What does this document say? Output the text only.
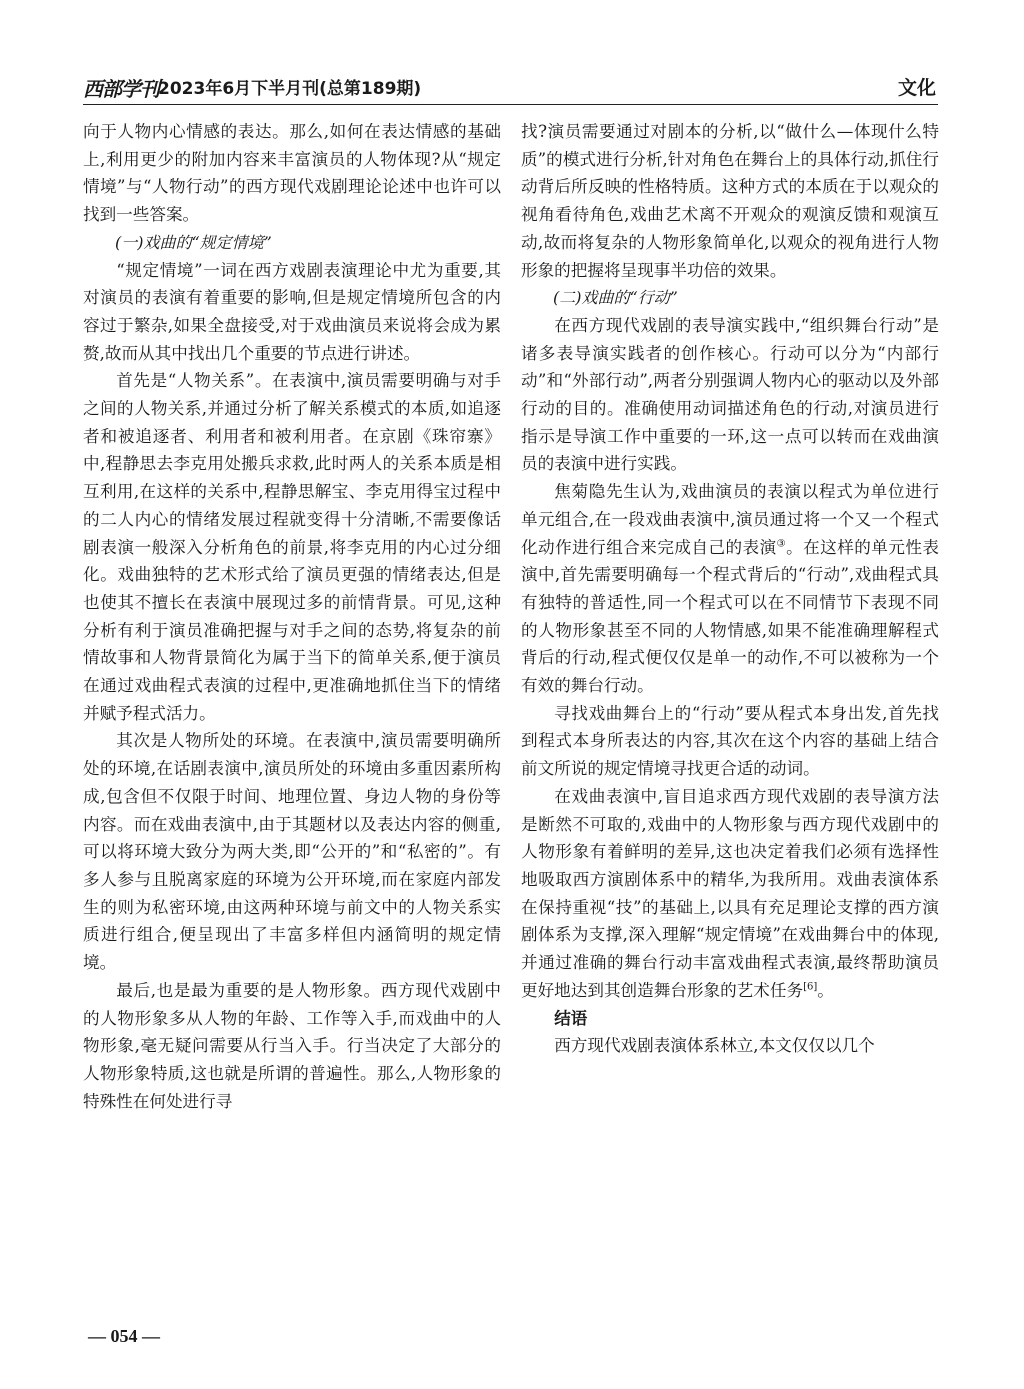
西部学刊 2023年6月下半月刊(总第189期)	文化

向于人物内心情感的表达。那么,如何在表达情感的基础上,利用更少的附加内容来丰富演员的人物体现?从“规定情境”与“人物行动”的西方现代戏剧理论论述中也许可以找到一些答案。

(一)戏曲的“规定情境”

“规定情境”一词在西方戏剧表演理论中尤为重要,其对演员的表演有着重要的影响,但是规定情境所包含的内容过于繁杂,如果全盘接受,对于戏曲演员来说将会成为累赘,故而从其中找出几个重要的节点进行讲述。

首先是“人物关系”。在表演中,演员需要明确与对手之间的人物关系,并通过分析了解关系模式的本质,如追逐者和被追逐者、利用者和被利用者。在京剧《珠帘寨》中,程静思去李克用处搬兵求救,此时两人的关系本质是相互利用,在这样的关系中,程静思解宝、李克用得宝过程中的二人内心的情绪发展过程就变得十分清晰,不需要像话剧表演一般深入分析角色的前景,将李克用的内心过分细化。戏曲独特的艺术形式给了演员更强的情绪表达,但是也使其不擅长在表演中展现过多的前情背景。可见,这种分析有利于演员准确把握与对手之间的态势,将复杂的前情故事和人物背景简化为属于当下的简单关系,便于演员在通过戏曲程式表演的过程中,更准确地抓住当下的情绪并赋予程式活力。

其次是人物所处的环境。在表演中,演员需要明确所处的环境,在话剧表演中,演员所处的环境由多重因素所构成,包含但不仅限于时间、地理位置、身边人物的身份等内容。而在戏曲表演中,由于其题材以及表达内容的侧重,可以将环境大致分为两大类,即“公开的”和“私密的”。有多人参与且脱离家庭的环境为公开环境,而在家庭内部发生的则为私密环境,由这两种环境与前文中的人物关系实质进行组合,便呈现出了丰富多样但内涵简明的规定情境。

最后,也是最为重要的是人物形象。西方现代戏剧中的人物形象多从人物的年龄、工作等入手,而戏曲中的人物形象,毫无疑问需要从行当入手。行当决定了大部分的人物形象特质,这也就是所谓的普遍性。那么,人物形象的特殊性在何处进行寻

找?演员需要通过对剧本的分析,以“做什么—体现什么特质”的模式进行分析,针对角色在舞台上的具体行动,抓住行动背后所反映的性格特质。这种方式的本质在于以观众的视角看待角色,戏曲艺术离不开观众的观演反馈和观演互动,故而将复杂的人物形象简单化,以观众的视角进行人物形象的把握将呈现事半功倍的效果。

(二)戏曲的“行动”

在西方现代戏剧的表导演实践中,“组织舞台行动”是诸多表导演实践者的创作核心。行动可以分为“内部行动”和“外部行动”,两者分别强调人物内心的驱动以及外部行动的目的。准确使用动词描述角色的行动,对演员进行指示是导演工作中重要的一环,这一点可以转而在戏曲演员的表演中进行实践。

焦菊隐先生认为,戏曲演员的表演以程式为单位进行单元组合,在一段戏曲表演中,演员通过将一个又一个程式化动作进行组合来完成自己的表演③。在这样的单元性表演中,首先需要明确每一个程式背后的“行动”,戏曲程式具有独特的普适性,同一个程式可以在不同情节下表现不同的人物形象甚至不同的人物情感,如果不能准确理解程式背后的行动,程式便仅仅是单一的动作,不可以被称为一个有效的舞台行动。

寻找戏曲舞台上的“行动”要从程式本身出发,首先找到程式本身所表达的内容,其次在这个内容的基础上结合前文所说的规定情境寻找更合适的动词。

在戏曲表演中,盲目追求西方现代戏剧的表导演方法是断然不可取的,戏曲中的人物形象与西方现代戏剧中的人物形象有着鲜明的差异,这也决定着我们必须有选择性地吸取西方演剧体系中的精华,为我所用。戏曲表演体系在保持重视“技”的基础上,以具有充足理论支撑的西方演剧体系为支撑,深入理解“规定情境”在戏曲舞台中的体现,并通过准确的舞台行动丰富戏曲程式表演,最终帮助演员更好地达到其创造舞台形象的艺术任务[6]。

结语

西方现代戏剧表演体系林立,本文仅仅以几个

— 054 —
